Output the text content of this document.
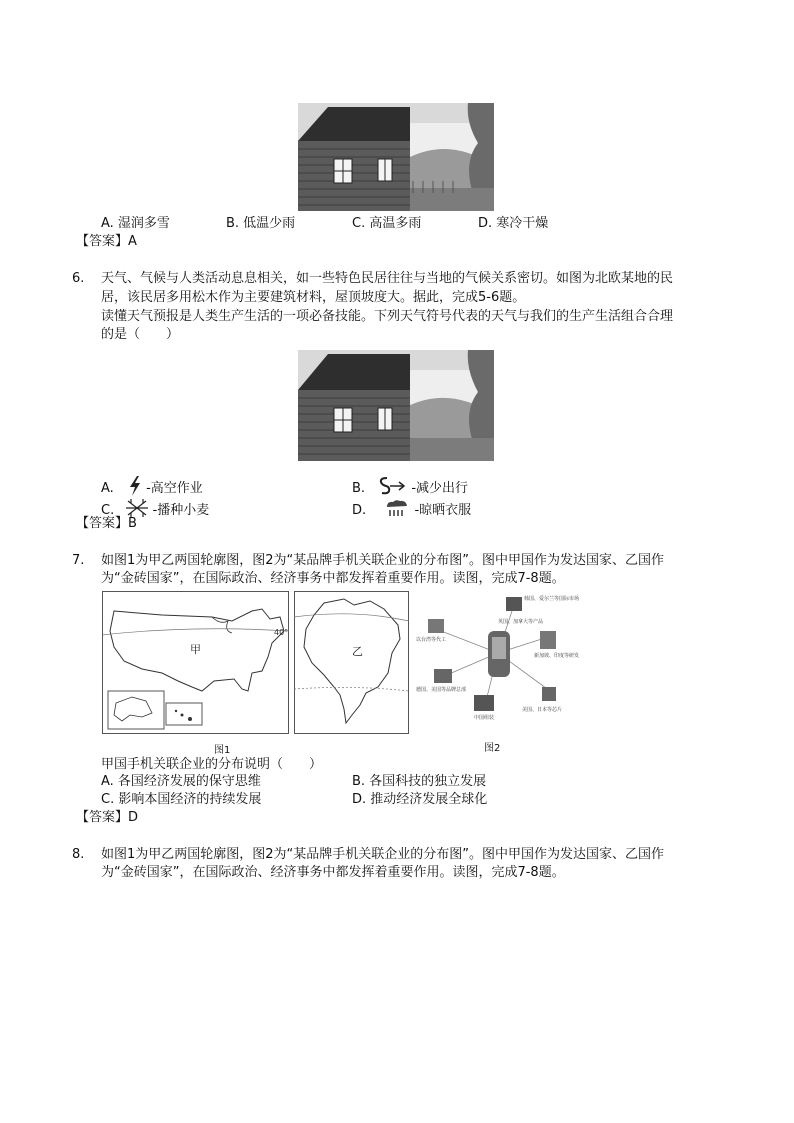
A. 湿润多雪	B. 低温少雨	C. 高温多雨	D. 寒冷干燥
【答案】A
6. 天气、气候与人类活动息息相关，如一些特色民居往往与当地的气候关系密切。如图为北欧某地的民
居，该民居多用松木作为主要建筑材料，屋顶坡度大。据此，完成5-6题。
读懂天气预报是人类生产生活的一项必备技能。下列天气符号代表的天气与我们的生产生活组合合理
的是（　　）
A. -高空作业	B.	-减少出行
C.	-播种小麦	D.	-晾晒衣服
【答案】B
7. 如图1为甲乙两国轮廓图，图2为“某品牌手机关联企业的分布图”。图中甲国作为发达国家、乙国作
为“金砖国家”，在国际政治、经济事务中都发挥着重要作用。读图，完成7-8题。
40°
甲	乙
图1
韩国、爱尔兰等国际市场
以台湾等代工
德国、美国等品牌总部
中国组装
新加坡、印度等研发
美国、日本等芯片
英国、加拿大等产品
图2
甲国手机关联企业的分布说明（　　）
A. 各国经济发展的保守思维	B. 各国科技的独立发展
C. 影响本国经济的持续发展	D. 推动经济发展全球化
【答案】D
8. 如图1为甲乙两国轮廓图，图2为“某品牌手机关联企业的分布图”。图中甲国作为发达国家、乙国作
为“金砖国家”，在国际政治、经济事务中都发挥着重要作用。读图，完成7-8题。
